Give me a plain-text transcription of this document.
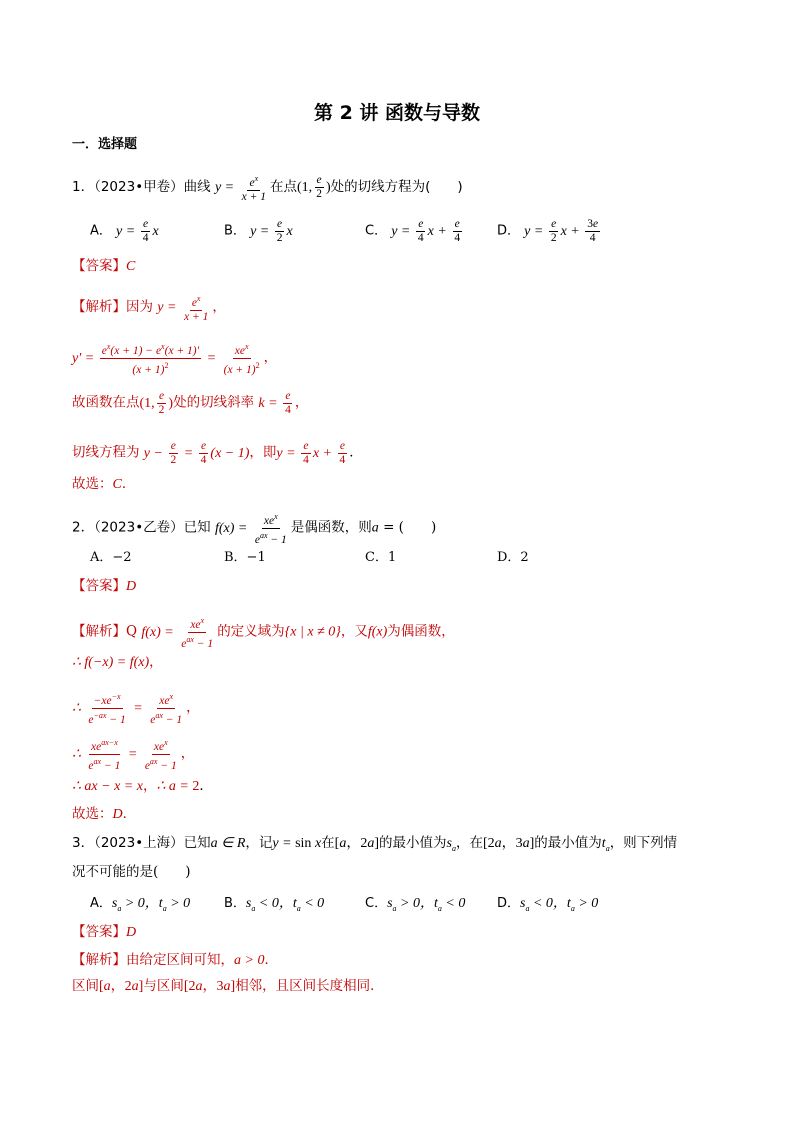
第 2 讲 函数与导数
一．选择题
1．（2023•甲卷）曲线 $y = \frac{e^x}{x + 1}$ 在点(1, $\frac{e}{2}$ )处的切线方程为(　　)
A． $y = \frac{e}{4}$ x	B． $y = \frac{e}{2}$ x	C． $y = \frac{e}{4}$ $x + \frac{e}{4}$	D． $y = \frac{e}{2}$ $x + \frac{3e}{4}$
【答案】C
【解析】因为 $y = \frac{e^x}{x + 1}$ ，
$y' = \frac{e^x(x + 1) - e^x(x + 1)'}{(x + 1)^2} = \frac{xe^x}{(x + 1)^2}$ ，
故函数在点(1, $\frac{e}{2}$ )处的切线斜率 $k = \frac{e}{4}$ ，
切线方程为 $y - \frac{e}{2} = \frac{e}{4} (x - 1)$，即$y = \frac{e}{4}$ $x + \frac{e}{4}$ ．
故选：C．
2．（2023•乙卷）已知 $f(x) = \frac{xe^x}{e^{ax} - 1}$ 是偶函数，则a = (　　)
A．−2	B．−1	C．1	D．2
【答案】D
【解析】Q $f(x) = \frac{xe^x}{e^{ax} - 1}$ 的定义域为{x | x ≠ 0}，又f(x)为偶函数，
∴ f(−x) = f(x)，
∴ $\frac{-xe^{-x}}{e^{-ax} - 1} = \frac{xe^x}{e^{ax} - 1}$ ，
∴ $\frac{xe^{ax-x}}{e^{ax} - 1} = \frac{xe^x}{e^{ax} - 1}$ ，
∴ ax − x = x，∴ a = 2．
故选：D．
3．（2023•上海）已知a ∈ R，记y = sin x在[a，2a]的最小值为$s_a$，在[2a，3a]的最小值为$t_a$，则下列情
况不可能的是(　　)
A．$s_a > 0$，$t_a > 0$	B．$s_a < 0$，$t_a < 0$	C．$s_a > 0$，$t_a < 0$ D．$s_a < 0$，$t_a > 0$
【答案】D
【解析】由给定区间可知，a > 0．
区间[a，2a]与区间[2a，3a]相邻，且区间长度相同．
